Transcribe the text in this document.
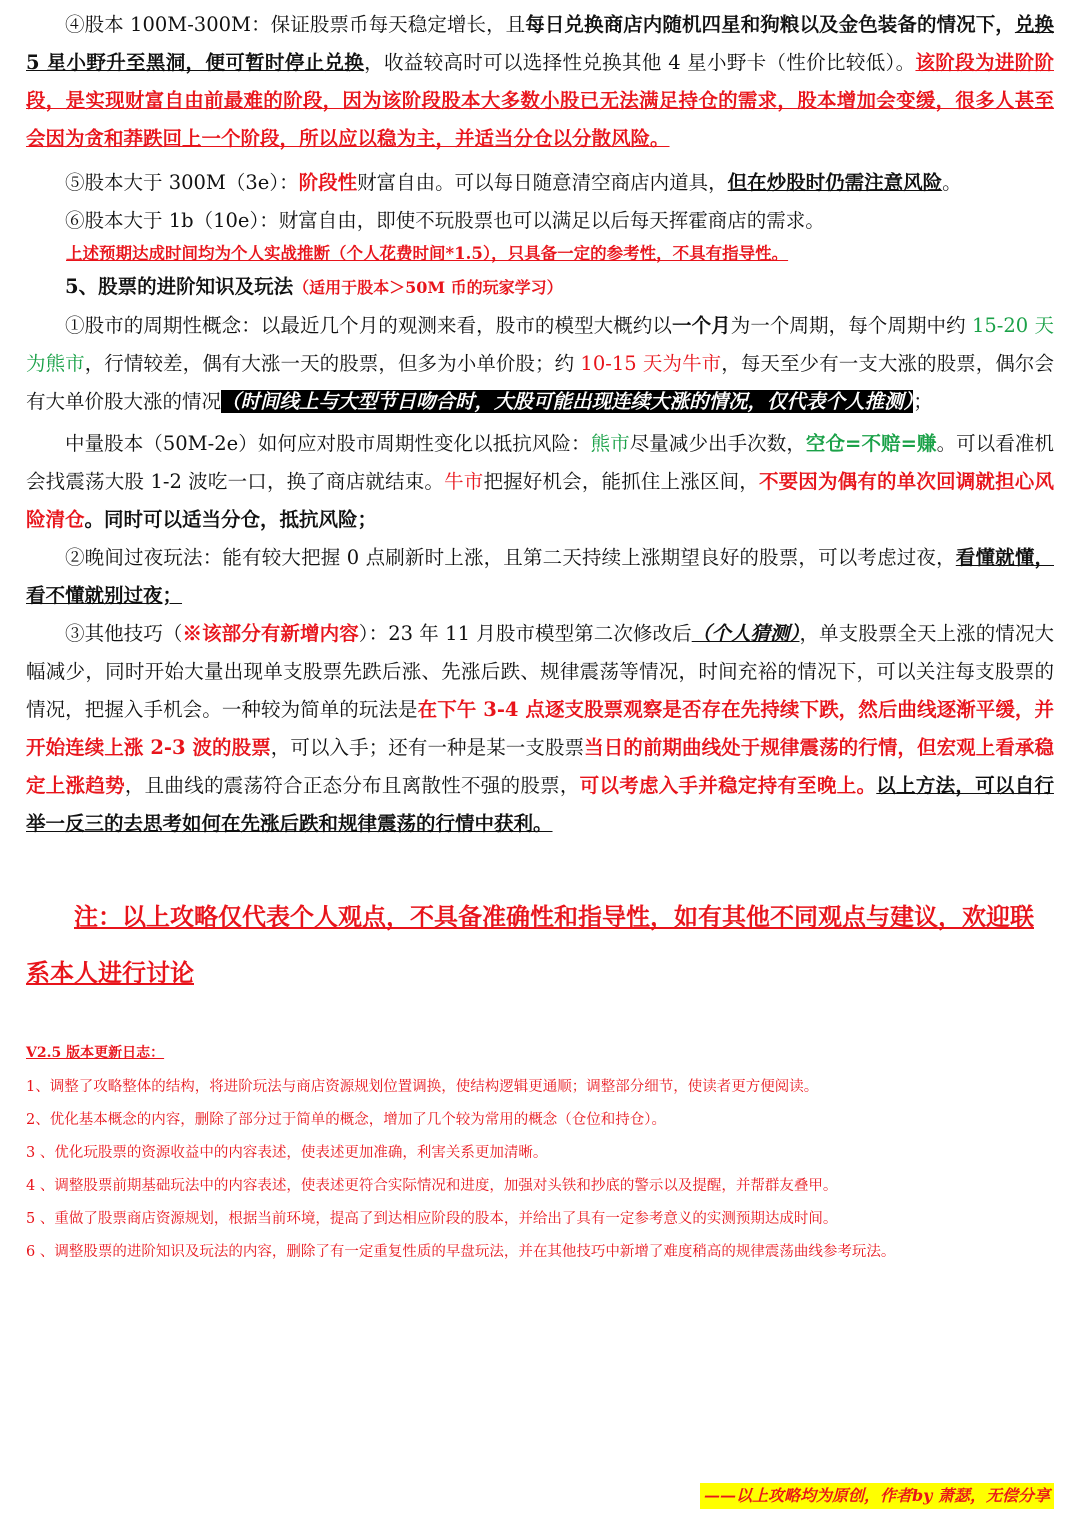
④股本 100M-300M：保证股票币每天稳定增长，且每日兑换商店内随机四星和狗粮以及金色装备的情况下，兑换 5 星小野升至黑洞，便可暂时停止兑换，收益较高时可以选择性兑换其他 4 星小野卡（性价比较低）。该阶段为进阶阶段，是实现财富自由前最难的阶段，因为该阶段股本大多数小股已无法满足持仓的需求，股本增加会变缓，很多人甚至会因为贪和莽跌回上一个阶段，所以应以稳为主，并适当分仓以分散风险。

⑤股本大于 300M（3e）：阶段性财富自由。可以每日随意清空商店内道具，但在炒股时仍需注意风险。

⑥股本大于 1b（10e）：财富自由，即使不玩股票也可以满足以后每天挥霍商店的需求。

上述预期达成时间均为个人实战推断（个人花费时间*1.5），只具备一定的参考性，不具有指导性。

5、股票的进阶知识及玩法（适用于股本＞50M 币的玩家学习）

①股市的周期性概念：以最近几个月的观测来看，股市的模型大概约以一个月为一个周期，每个周期中约 15-20 天为熊市，行情较差，偶有大涨一天的股票，但多为小单价股；约 10-15 天为牛市，每天至少有一支大涨的股票，偶尔会有大单价股大涨的情况（时间线上与大型节日吻合时，大股可能出现连续大涨的情况，仅代表个人推测）；

中量股本（50M-2e）如何应对股市周期性变化以抵抗风险：熊市尽量减少出手次数，空仓=不赔=赚。可以看准机会找震荡大股 1-2 波吃一口，换了商店就结束。牛市把握好机会，能抓住上涨区间，不要因为偶有的单次回调就担心风险清仓。同时可以适当分仓，抵抗风险；

②晚间过夜玩法：能有较大把握 0 点刷新时上涨，且第二天持续上涨期望良好的股票，可以考虑过夜，看懂就懂，看不懂就别过夜；

③其他技巧（※该部分有新增内容）：23 年 11 月股市模型第二次修改后（个人猜测），单支股票全天上涨的情况大幅减少，同时开始大量出现单支股票先跌后涨、先涨后跌、规律震荡等情况，时间充裕的情况下，可以关注每支股票的情况，把握入手机会。一种较为简单的玩法是在下午 3-4 点逐支股票观察是否存在先持续下跌，然后曲线逐渐平缓，并开始连续上涨 2-3 波的股票，可以入手；还有一种是某一支股票当日的前期曲线处于规律震荡的行情，但宏观上看承稳定上涨趋势，且曲线的震荡符合正态分布且离散性不强的股票，可以考虑入手并稳定持有至晚上。以上方法，可以自行举一反三的去思考如何在先涨后跌和规律震荡的行情中获利。

注：以上攻略仅代表个人观点，不具备准确性和指导性，如有其他不同观点与建议，欢迎联系本人进行讨论

V2.5 版本更新日志：

1、调整了攻略整体的结构，将进阶玩法与商店资源规划位置调换，使结构逻辑更通顺；调整部分细节，使读者更方便阅读。

2、优化基本概念的内容，删除了部分过于简单的概念，增加了几个较为常用的概念（仓位和持仓）。

3 、优化玩股票的资源收益中的内容表述，使表述更加准确，利害关系更加清晰。

4 、调整股票前期基础玩法中的内容表述，使表述更符合实际情况和进度，加强对头铁和抄底的警示以及提醒，并帮群友叠甲。

5 、重做了股票商店资源规划，根据当前环境，提高了到达相应阶段的股本，并给出了具有一定参考意义的实测预期达成时间。

6 、调整股票的进阶知识及玩法的内容，删除了有一定重复性质的早盘玩法，并在其他技巧中新增了难度稍高的规律震荡曲线参考玩法。

——以上攻略均为原创，作者by 萧瑟，无偿分享
